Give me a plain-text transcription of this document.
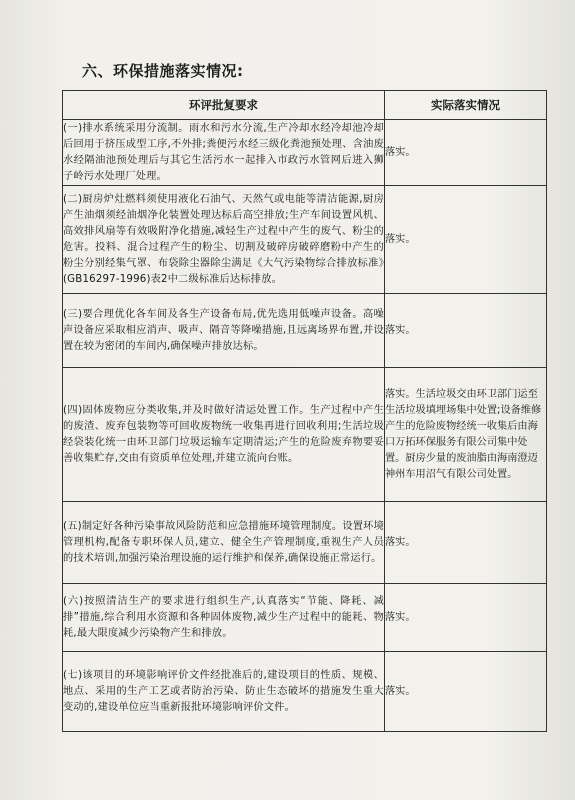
六、环保措施落实情况:
环评批复要求	实际落实情况
(一)排水系统采用分流制。雨水和污水分流,生产冷却水经冷却池冷却后回用于挤压成型工序,不外排;粪便污水经三级化粪池预处理、含油废水经隔油池预处理后与其它生活污水一起排入市政污水管网后进入狮子岭污水处理厂处理。	落实。
(二)厨房炉灶燃料须使用液化石油气、天然气或电能等清洁能源,厨房产生油烟须经油烟净化装置处理达标后高空排放;生产车间设置风机、高效排风扇等有效吸附净化措施,减轻生产过程中产生的废气、粉尘的危害。投料、混合过程产生的粉尘、切割及破碎房破碎磨粉中产生的粉尘分别经集气罩、布袋除尘器除尘满足《大气污染物综合排放标准》(GB16297-1996)表2中二级标准后达标排放。	落实。
(三)要合理优化各车间及各生产设备布局,优先选用低噪声设备。高噪声设备应采取相应消声、吸声、隔音等降噪措施,且远离场界布置,并设置在较为密闭的车间内,确保噪声排放达标。	落实。
(四)固体废物应分类收集,并及时做好清运处置工作。生产过程中产生的废渣、废弃包装物等可回收废物统一收集再进行回收利用;生活垃圾经袋装化统一由环卫部门垃圾运输车定期清运;产生的危险废弃物要妥善收集贮存,交由有资质单位处理,并建立流向台账。	落实。生活垃圾交由环卫部门运至生活垃圾填埋场集中处置;设备维修产生的危险废物经统一收集后由海口万拓环保服务有限公司集中处置。厨房少量的废油脂由海南澄迈神州车用沼气有限公司处置。
(五)制定好各种污染事故风险防范和应急措施环境管理制度。设置环境管理机构,配备专职环保人员,建立、健全生产管理制度,重视生产人员的技术培训,加强污染治理设施的运行维护和保养,确保设施正常运行。	落实。
(六)按照清洁生产的要求进行组织生产,认真落实“节能、降耗、减排”措施,综合利用水资源和各种固体废物,减少生产过程中的能耗、物耗,最大限度减少污染物产生和排放。	落实。
(七)该项目的环境影响评价文件经批准后的,建设项目的性质、规模、地点、采用的生产工艺或者防治污染、防止生态破坏的措施发生重大变动的,建设单位应当重新报批环境影响评价文件。	落实。
